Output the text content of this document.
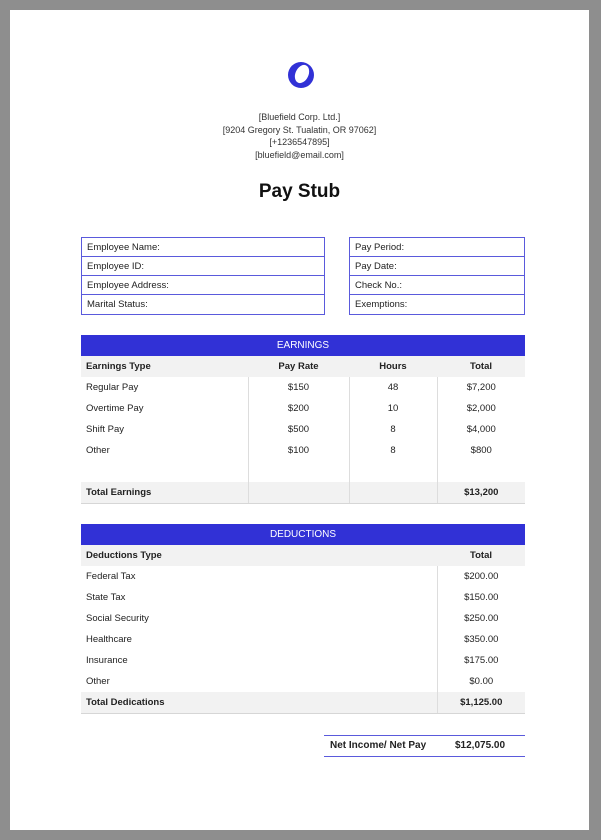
[Bluefield Corp. Ltd.]
[9204 Gregory St. Tualatin, OR 97062]
[+1236547895]
[bluefield@email.com]
Pay Stub
Employee Name:
Employee ID:
Employee Address:
Marital Status:
Pay Period:
Pay Date:
Check No.:
Exemptions:
EARNINGS			
Earnings Type	Pay Rate	Hours	Total
Regular Pay	$150	48	$7,200
Overtime Pay	$200	10	$2,000
Shift Pay	$500	8	$4,000
Other	$100	8	$800

Total Earnings			$13,200
DEDUCTIONS	
Deductions Type	Total
Federal Tax	$200.00
State Tax	$150.00
Social Security	$250.00
Healthcare	$350.00
Insurance	$175.00
Other	$0.00
Total Dedications	$1,125.00
Net Income/ Net Pay	$12,075.00
